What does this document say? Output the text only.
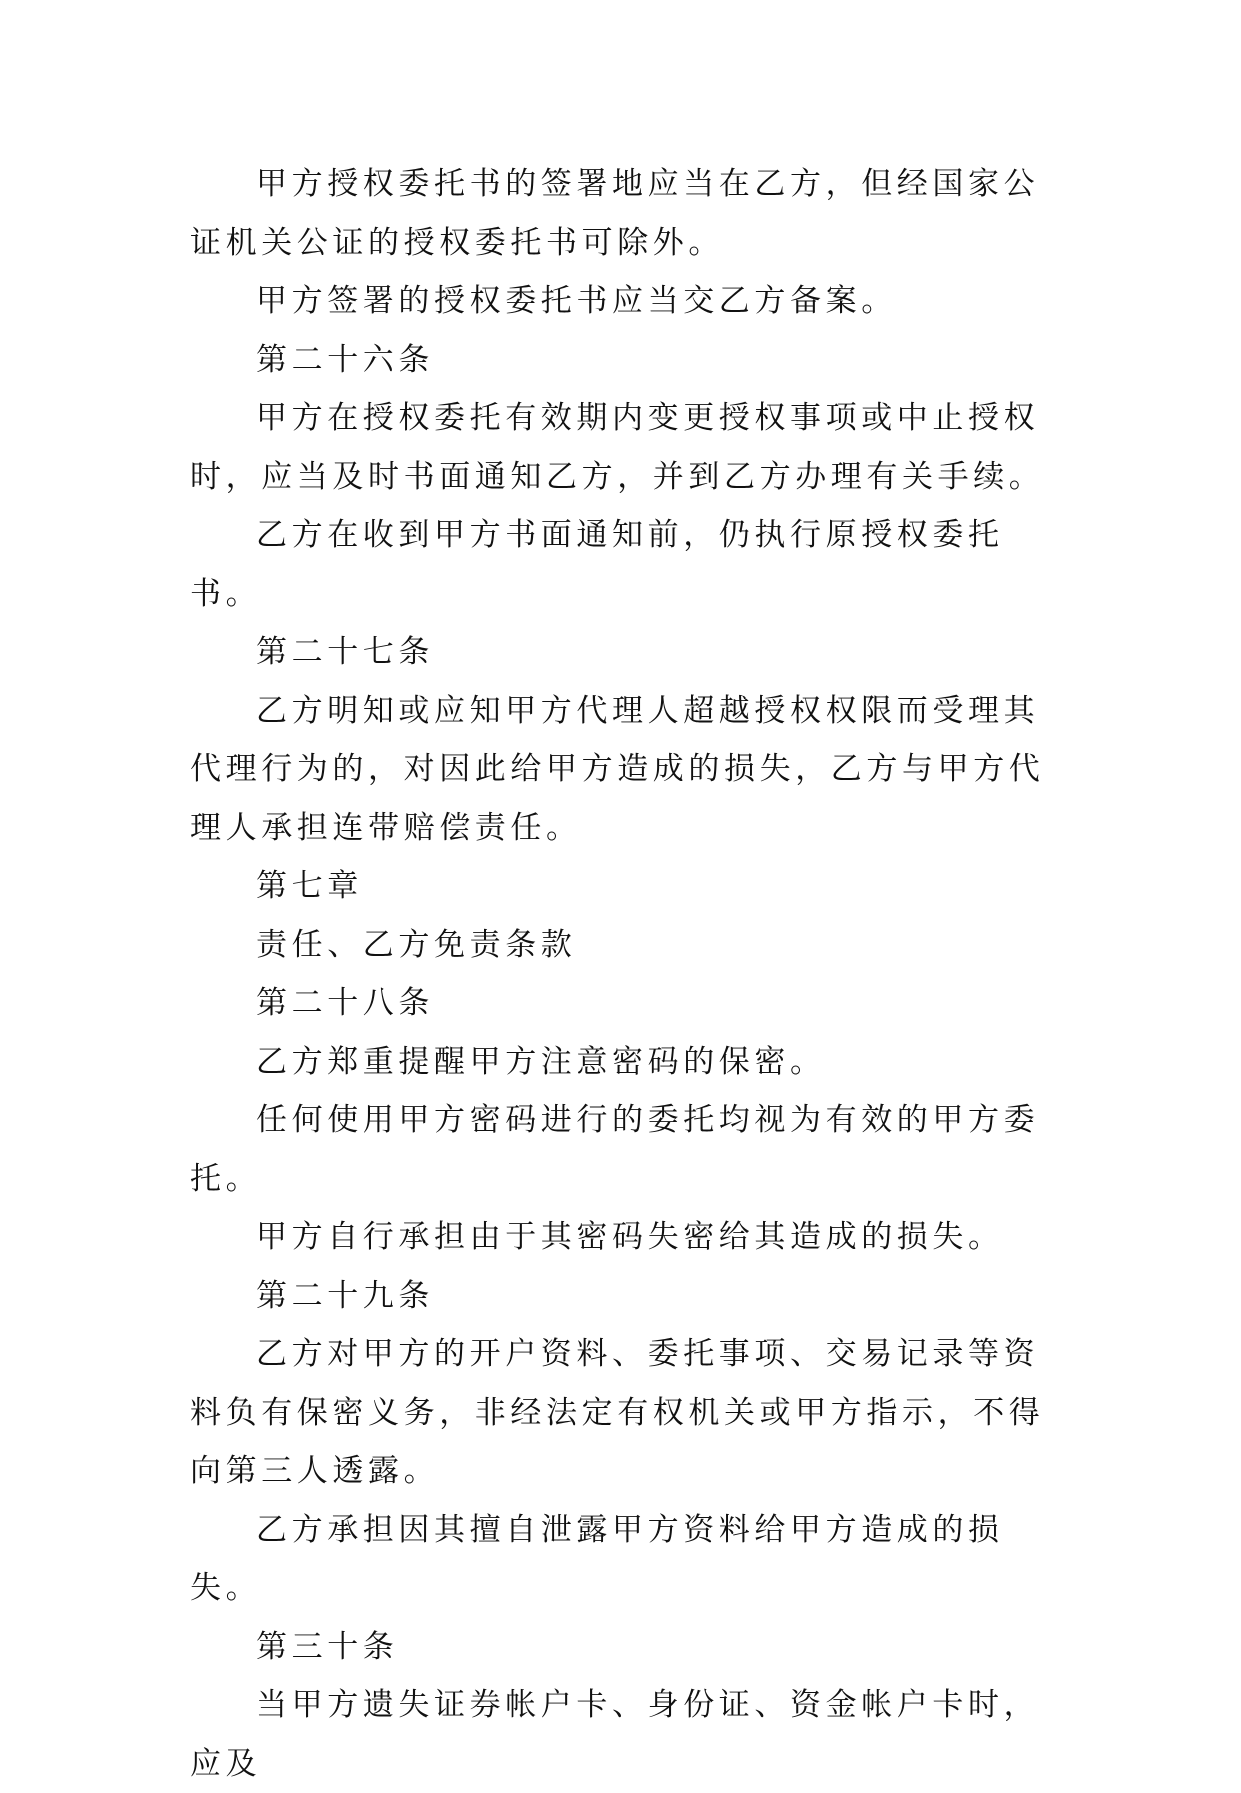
甲方授权委托书的签署地应当在乙方，但经国家公证机关公证的授权委托书可除外。

甲方签署的授权委托书应当交乙方备案。

第二十六条

甲方在授权委托有效期内变更授权事项或中止授权时，应当及时书面通知乙方，并到乙方办理有关手续。

乙方在收到甲方书面通知前，仍执行原授权委托书。

第二十七条

乙方明知或应知甲方代理人超越授权权限而受理其代理行为的，对因此给甲方造成的损失，乙方与甲方代理人承担连带赔偿责任。

第七章

责任、乙方免责条款

第二十八条

乙方郑重提醒甲方注意密码的保密。

任何使用甲方密码进行的委托均视为有效的甲方委托。

甲方自行承担由于其密码失密给其造成的损失。

第二十九条

乙方对甲方的开户资料、委托事项、交易记录等资料负有保密义务，非经法定有权机关或甲方指示，不得向第三人透露。

乙方承担因其擅自泄露甲方资料给甲方造成的损失。

第三十条

当甲方遗失证券帐户卡、身份证、资金帐户卡时，应及
